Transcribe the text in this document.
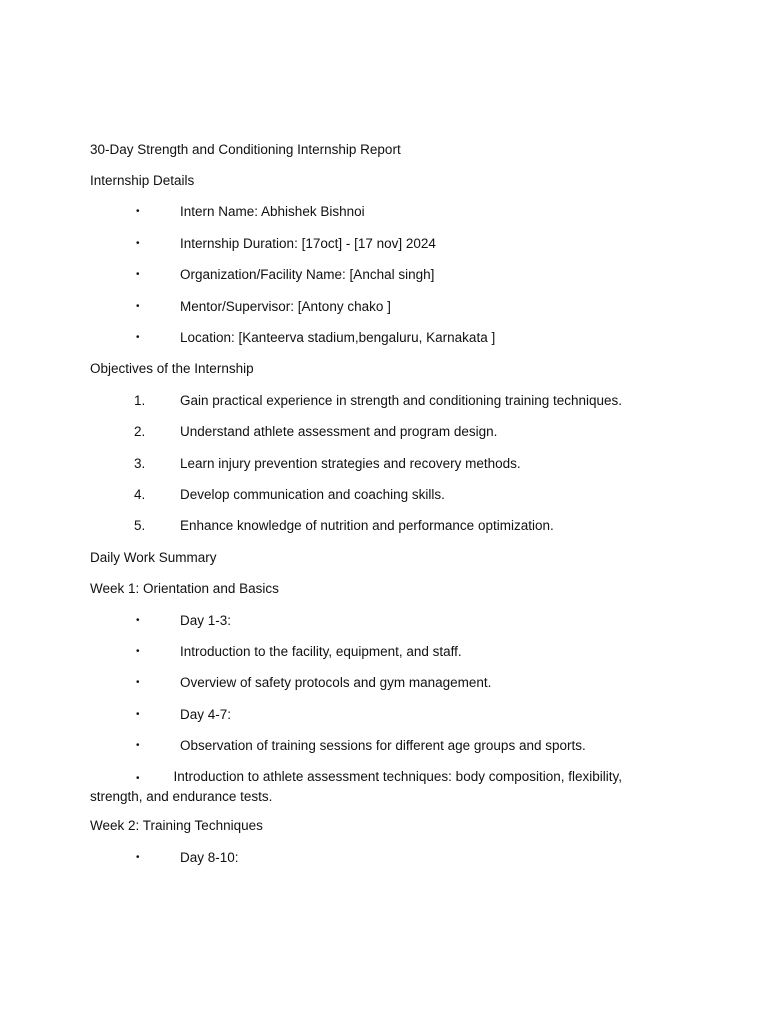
30-Day Strength and Conditioning Internship Report
Internship Details
•	Intern Name: Abhishek Bishnoi
•	Internship Duration: [17oct] - [17 nov] 2024
•	Organization/Facility Name: [Anchal singh]
•	Mentor/Supervisor: [Antony chako ]
•	Location: [Kanteerva stadium,bengaluru, Karnakata ]
Objectives of the Internship
1.	Gain practical experience in strength and conditioning training techniques.
2.	Understand athlete assessment and program design.
3.	Learn injury prevention strategies and recovery methods.
4.	Develop communication and coaching skills.
5.	Enhance knowledge of nutrition and performance optimization.
Daily Work Summary
Week 1: Orientation and Basics
•	Day 1-3:
•	Introduction to the facility, equipment, and staff.
•	Overview of safety protocols and gym management.
•	Day 4-7:
•	Observation of training sessions for different age groups and sports.
•	Introduction to athlete assessment techniques: body composition, flexibility, strength, and endurance tests.
Week 2: Training Techniques
•	Day 8-10:
